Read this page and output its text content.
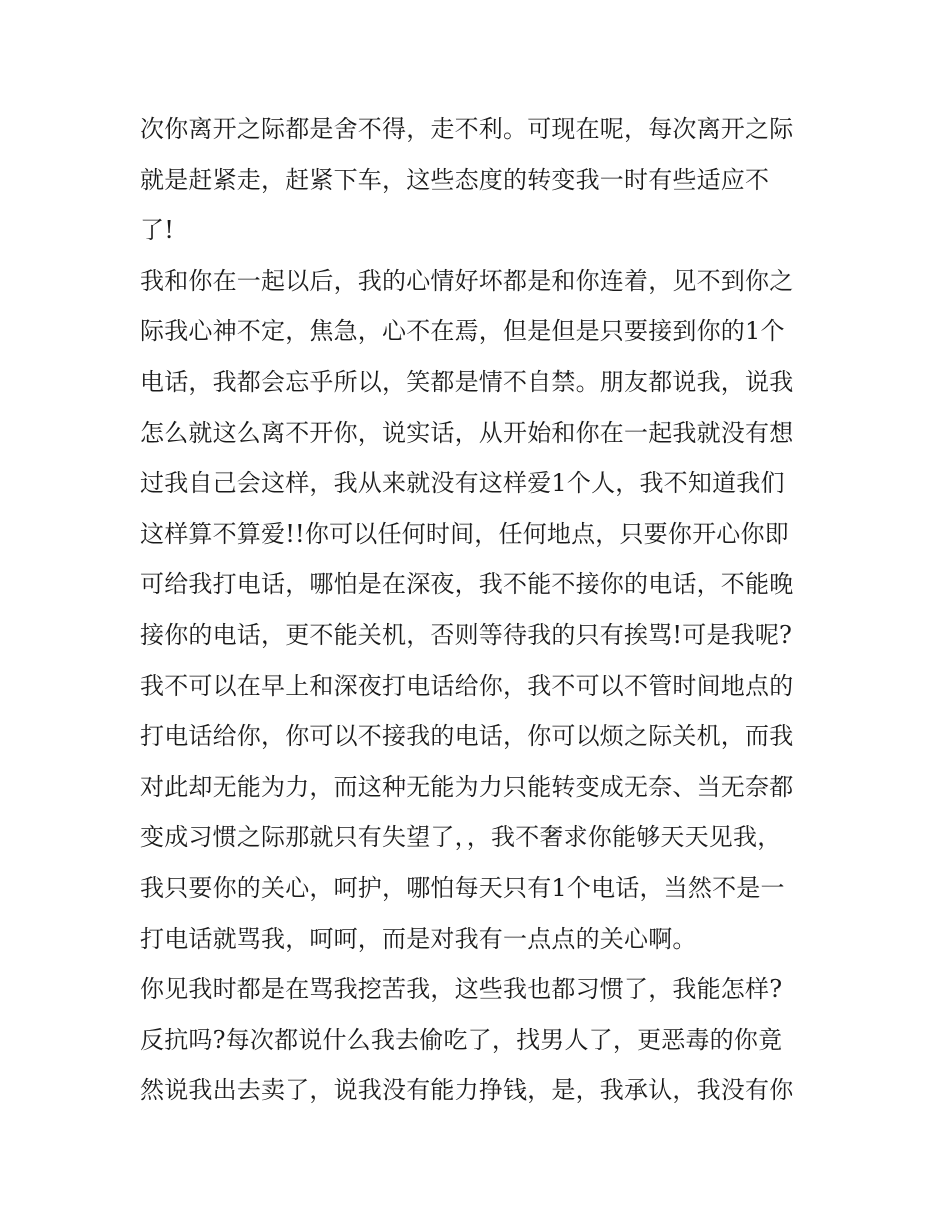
次你离开之际都是舍不得，走不利。可现在呢，每次离开之际
就是赶紧走，赶紧下车，这些态度的转变我一时有些适应不
了!
我和你在一起以后，我的心情好坏都是和你连着，见不到你之
际我心神不定，焦急，心不在焉，但是但是只要接到你的1个
电话，我都会忘乎所以，笑都是情不自禁。朋友都说我，说我
怎么就这么离不开你，说实话，从开始和你在一起我就没有想
过我自己会这样，我从来就没有这样爱1个人，我不知道我们
这样算不算爱!!你可以任何时间，任何地点，只要你开心你即
可给我打电话，哪怕是在深夜，我不能不接你的电话，不能晚
接你的电话，更不能关机，否则等待我的只有挨骂!可是我呢?
我不可以在早上和深夜打电话给你，我不可以不管时间地点的
打电话给你，你可以不接我的电话，你可以烦之际关机，而我
对此却无能为力，而这种无能为力只能转变成无奈、当无奈都
变成习惯之际那就只有失望了，，我不奢求你能够天天见我，
我只要你的关心，呵护，哪怕每天只有1个电话，当然不是一
打电话就骂我，呵呵，而是对我有一点点的关心啊。
你见我时都是在骂我挖苦我，这些我也都习惯了，我能怎样?
反抗吗?每次都说什么我去偷吃了，找男人了，更恶毒的你竟
然说我出去卖了，说我没有能力挣钱，是，我承认，我没有你
